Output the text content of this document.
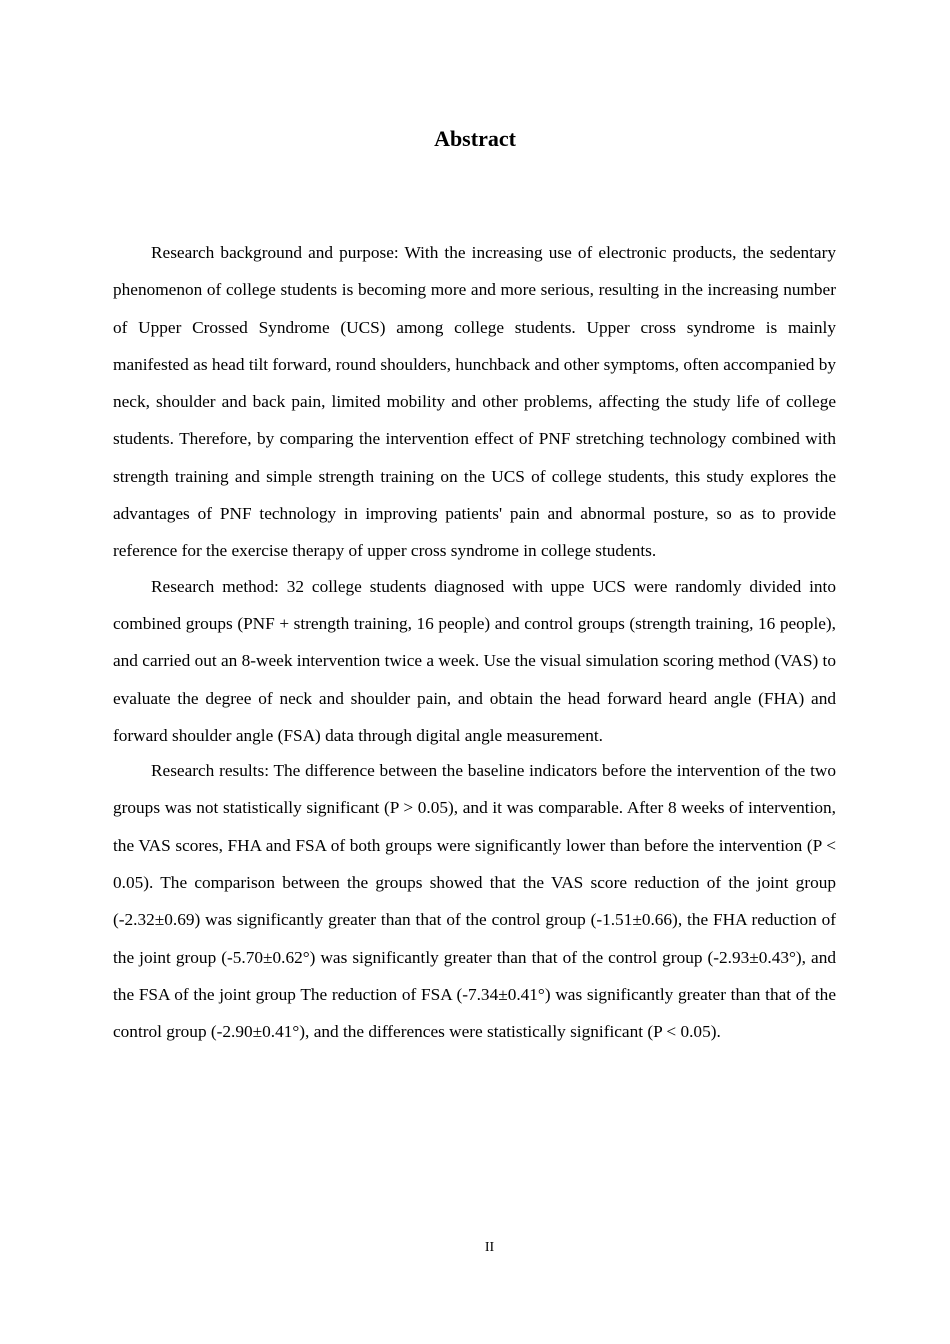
Abstract

Research background and purpose: With the increasing use of electronic products, the sedentary phenomenon of college students is becoming more and more serious, resulting in the increasing number of Upper Crossed Syndrome (UCS) among college students. Upper cross syndrome is mainly manifested as head tilt forward, round shoulders, hunchback and other symptoms, often accompanied by neck, shoulder and back pain, limited mobility and other problems, affecting the study life of college students. Therefore, by comparing the intervention effect of PNF stretching technology combined with strength training and simple strength training on the UCS of college students, this study explores the advantages of PNF technology in improving patients' pain and abnormal posture, so as to provide reference for the exercise therapy of upper cross syndrome in college students.

Research method: 32 college students diagnosed with uppe UCS were randomly divided into combined groups (PNF + strength training, 16 people) and control groups (strength training, 16 people), and carried out an 8-week intervention twice a week. Use the visual simulation scoring method (VAS) to evaluate the degree of neck and shoulder pain, and obtain the head forward heard angle (FHA) and forward shoulder angle (FSA) data through digital angle measurement.

Research results: The difference between the baseline indicators before the intervention of the two groups was not statistically significant (P > 0.05), and it was comparable. After 8 weeks of intervention, the VAS scores, FHA and FSA of both groups were significantly lower than before the intervention (P < 0.05). The comparison between the groups showed that the VAS score reduction of the joint group (-2.32±0.69) was significantly greater than that of the control group (-1.51±0.66), the FHA reduction of the joint group (-5.70±0.62°) was significantly greater than that of the control group (-2.93±0.43°), and the FSA of the joint group The reduction of FSA (-7.34±0.41°) was significantly greater than that of the control group (-2.90±0.41°), and the differences were statistically significant (P < 0.05).

II
